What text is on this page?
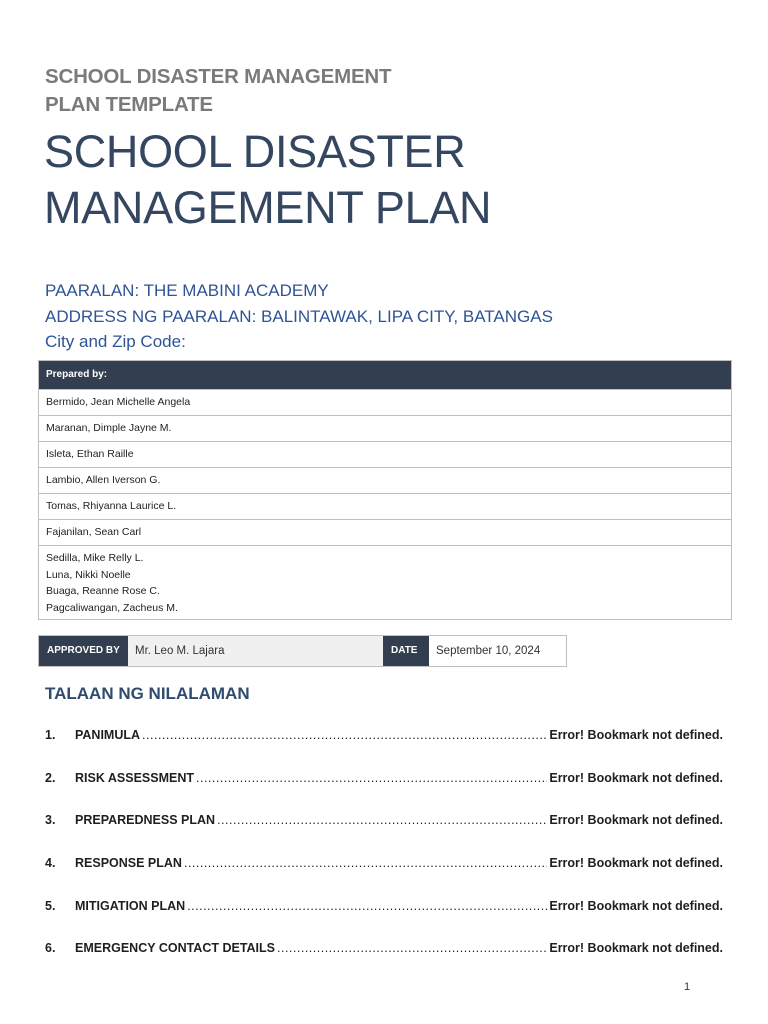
SCHOOL DISASTER MANAGEMENT
PLAN TEMPLATE
SCHOOL DISASTER
MANAGEMENT PLAN
PAARALAN: THE MABINI ACADEMY
ADDRESS NG PAARALAN: BALINTAWAK, LIPA CITY, BATANGAS
City and Zip Code:
Prepared by:
Bermido, Jean Michelle Angela
Maranan, Dimple Jayne M.
Isleta, Ethan Raille
Lambio, Allen Iverson G.
Tomas, Rhiyanna Laurice L.
Fajanilan, Sean Carl
Sedilla, Mike Relly L.
Luna, Nikki Noelle
Buaga, Reanne Rose C.
Pagcaliwangan, Zacheus M.
APPROVED BY	Mr. Leo M. Lajara	DATE	September 10, 2024
TALAAN NG NILALAMAN
1.	PANIMULA .....	Error! Bookmark not defined.
2.	RISK ASSESSMENT .....	Error! Bookmark not defined.
3.	PREPAREDNESS PLAN .....	Error! Bookmark not defined.
4.	RESPONSE PLAN .....	Error! Bookmark not defined.
5.	MITIGATION PLAN .....	Error! Bookmark not defined.
6.	EMERGENCY CONTACT DETAILS .....	Error! Bookmark not defined.
1
